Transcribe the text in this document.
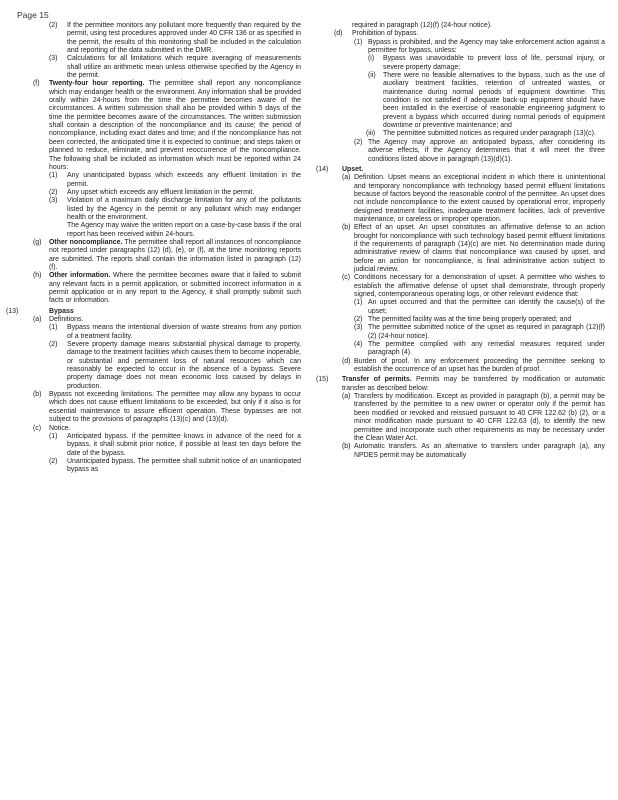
Page 15
(2) If the permittee monitors any pollutant more frequently than required by the permit, using test procedures approved under 40 CFR 136 or as specified in the permit, the results of this monitoring shall be included in the calculation and reporting of the data submitted in the DMR.
(3) Calculations for all limitations which require averaging of measurements shall utilize an arithmetic mean unless otherwise specified by the Agency in the permit.
(f) Twenty-four hour reporting. The permittee shall report any noncompliance which may endanger health or the environment. Any information shall be provided orally within 24-hours from the time the permittee becomes aware of the circumstances. A written submission shall also be provided within 5 days of the time the permittee becomes aware of the circumstances. The written submission shall contain a description of the noncompliance and its cause; the period of noncompliance, including exact dates and time; and if the noncompliance has not been corrected, the anticipated time it is expected to continue; and steps taken or planned to reduce, eliminate, and prevent reoccurrence of the noncompliance. The following shall be included as information which must be reported within 24 hours:
(1) Any unanticipated bypass which exceeds any effluent limitation in the permit.
(2) Any upset which exceeds any effluent limitation in the permit.
(3) Violation of a maximum daily discharge limitation for any of the pollutants listed by the Agency in the permit or any pollutant which may endanger health or the environment.
The Agency may waive the written report on a case-by-case basis if the oral report has been received within 24-hours.
(g) Other noncompliance. The permittee shall report all instances of noncompliance not reported under paragraphs (12) (d), (e), or (f), at the time monitoring reports are submitted. The reports shall contain the information listed in paragraph (12) (f).
(h) Other information. Where the permittee becomes aware that it failed to submit any relevant facts in a permit application, or submitted incorrect information in a permit application or in any report to the Agency, it shall promptly submit such facts or information.
(13)	Bypass
(a) Definitions.
(1) Bypass means the intentional diversion of waste streams from any portion of a treatment facility.
(2) Severe property damage means substantial physical damage to property, damage to the treatment facilities which causes them to become inoperable, or substantial and permanent loss of natural resources which can reasonably be expected to occur in the absence of a bypass. Severe property damage does not mean economic loss caused by delays in production.
(b) Bypass not exceeding limitations. The permittee may allow any bypass to occur which does not cause effluent limitations to be exceeded, but only if it also is for essential maintenance to assure efficient operation. These bypasses are not subject to the provisions of paragraphs (13)(c) and (13)(d).
(c) Notice.
(1) Anticipated bypass. If the permittee knows in advance of the need for a bypass, it shall submit prior notice, if possible at least ten days before the date of the bypass.
(2) Unanticipated bypass. The permittee shall submit notice of an unanticipated bypass as
required in paragraph (12)(f) (24-hour notice).
(d) Prohibition of bypass.
(1) Bypass is prohibited, and the Agency may take enforcement action against a permittee for bypass, unless:
(i) Bypass was unavoidable to prevent loss of life, personal injury, or severe property damage;
(ii) There were no feasible alternatives to the bypass, such as the use of auxiliary treatment facilities, retention of untreated wastes, or maintenance during normal periods of equipment downtime. This condition is not satisfied if adequate back-up equipment should have been installed in the exercise of reasonable engineering judgment to prevent a bypass which occurred during normal periods of equipment downtime or preventive maintenance; and
(iii) The permittee submitted notices as required under paragraph (13)(c).
(2) The Agency may approve an anticipated bypass, after considering its adverse effects, if the Agency determines that it will meet the three conditions listed above in paragraph (13)(d)(1).
(14) Upset.
(a) Definition. Upset means an exceptional incident in which there is unintentional and temporary noncompliance with technology based permit effluent limitations because of factors beyond the reasonable control of the permittee. An upset does not include noncompliance to the extent caused by operational error, improperly designed treatment facilities, inadequate treatment facilities, lack of preventive maintenance, or careless or improper operation.
(b) Effect of an upset. An upset constitutes an affirmative defense to an action brought for noncompliance with such technology based permit effluent limitations if the requirements of paragraph (14)(c) are met. No determination made during administrative review of claims that noncompliance was caused by upset, and before an action for noncompliance, is final administrative action subject to judicial review.
(c) Conditions necessary for a demonstration of upset. A permittee who wishes to establish the affirmative defense of upset shall demonstrate, through properly signed, contemporaneous operating logs, or other relevant evidence that:
(1) An upset occurred and that the permittee can identify the cause(s) of the upset;
(2) The permitted facility was at the time being properly operated; and
(3) The permittee submitted notice of the upset as required in paragraph (12)(f)(2) (24-hour notice).
(4) The permittee complied with any remedial measures required under paragraph (4).
(d) Burden of proof. In any enforcement proceeding the permittee seeking to establish the occurrence of an upset has the burden of proof.
(15) Transfer of permits. Permits may be transferred by modification or automatic transfer as described below:
(a) Transfers by modification. Except as provided in paragraph (b), a permit may be transferred by the permittee to a new owner or operator only if the permit has been modified or revoked and reissued pursuant to 40 CFR 122.62 (b) (2), or a minor modification made pursuant to 40 CFR 122.63 (d), to identify the new permittee and incorporate such other requirements as may be necessary under the Clean Water Act.
(b) Automatic transfers. As an alternative to transfers under paragraph (a), any NPDES permit may be automatically
